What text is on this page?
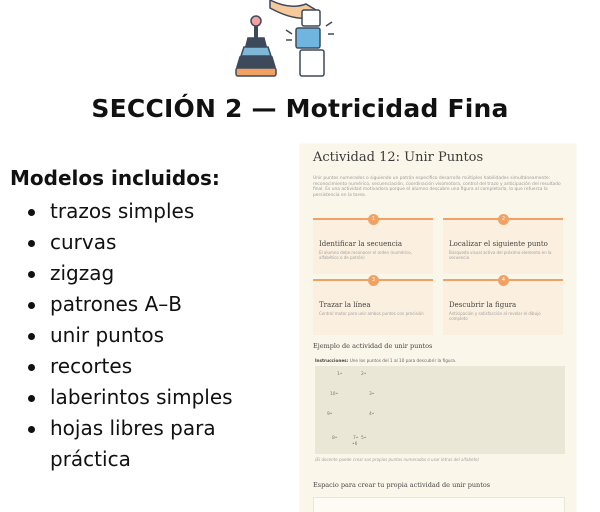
SECCIÓN 2 — Motricidad Fina
Modelos incluidos:
trazos simples
curvas
zigzag
patrones A–B
unir puntos
recortes
laberintos simples
hojas libres para práctica
Actividad 12: Unir Puntos
Unir puntos numerados o siguiendo un patrón específico desarrolla múltiples habilidades simultáneamente: reconocimiento numérico, secuenciación, coordinación visomotora, control del trazo y anticipación del resultado final. Es una actividad motivadora porque el alumno descubre una figura al completarla, lo que refuerza la persistencia en la tarea.
1
Identificar la secuencia
El alumno debe reconocer el orden (numérico, alfabético o de patrón)
2
Localizar el siguiente punto
Búsqueda visual activa del próximo elemento en la secuencia
3
Trazar la línea
Control motor para unir ambos puntos con precisión
4
Descubrir la figura
Anticipación y satisfacción al revelar el dibujo completo
Ejemplo de actividad de unir puntos
Instrucciones: Une los puntos del 1 al 10 para descubrir la figura.
1•	2•
10•	3•
9•	4•
8•	7• 5•
•6
(El docente puede crear sus propios puntos numerados o usar letras del alfabeto)
Espacio para crear tu propia actividad de unir puntos
